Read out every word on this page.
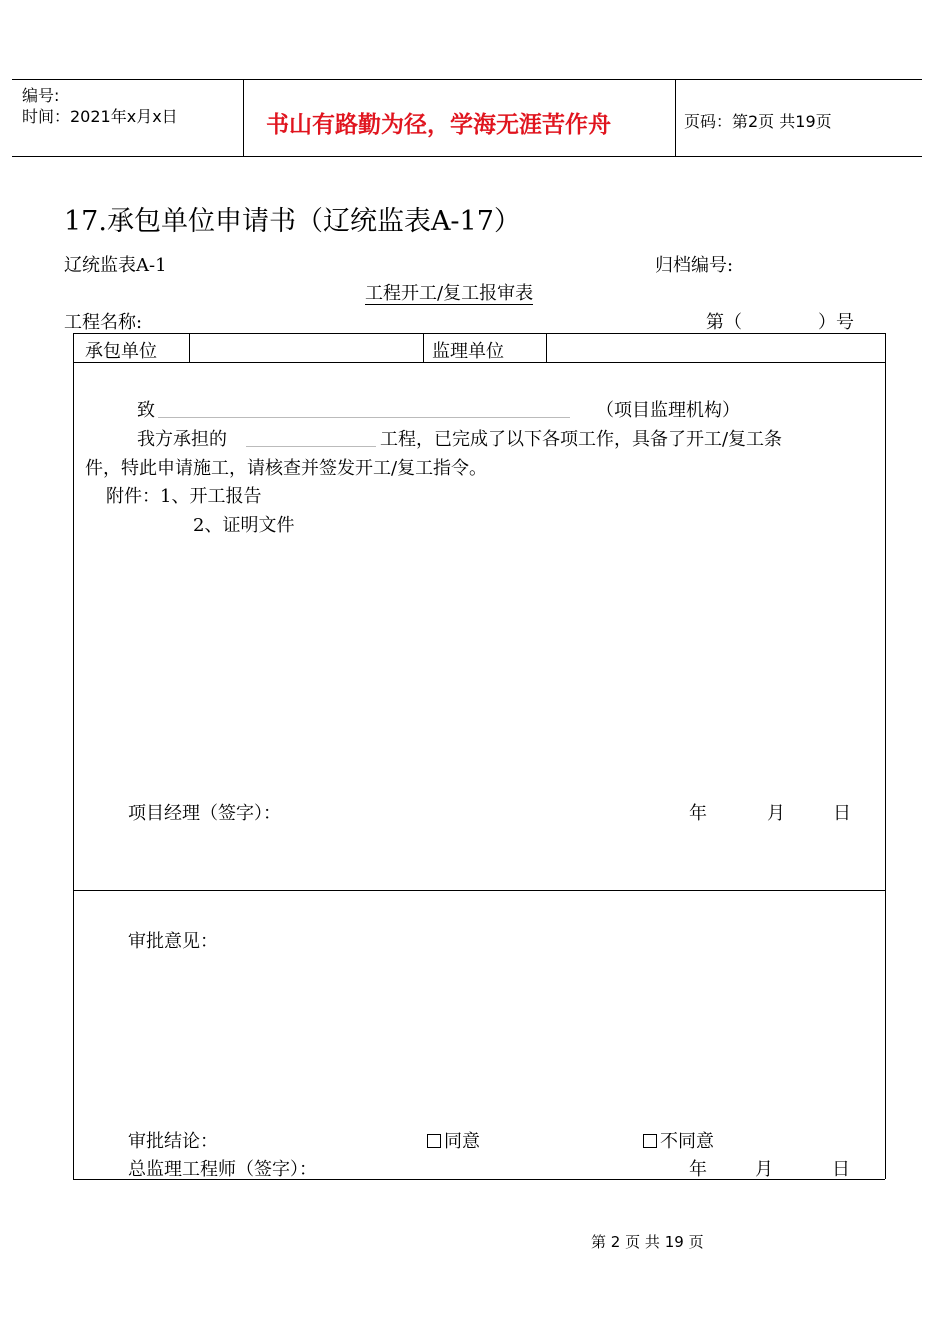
编号:
时间：2021年x月x日	书山有路勤为径，学海无涯苦作舟	页码：第2页 共19页
17.承包单位申请书（辽统监表A-17）
辽统监表A-1	归档编号:
工程开工/复工报审表
工程名称:	第（	）号
承包单位	监理单位
致	（项目监理机构）
我方承担的	工程，已完成了以下各项工作，具备了开工/复工条
件，特此申请施工，请核查并签发开工/复工指令。
附件：1、开工报告
2、证明文件
项目经理（签字）：	年	月	日
审批意见：
审批结论：	同意	不同意
总监理工程师（签字）：	年	月	日
第 2 页 共 19 页
